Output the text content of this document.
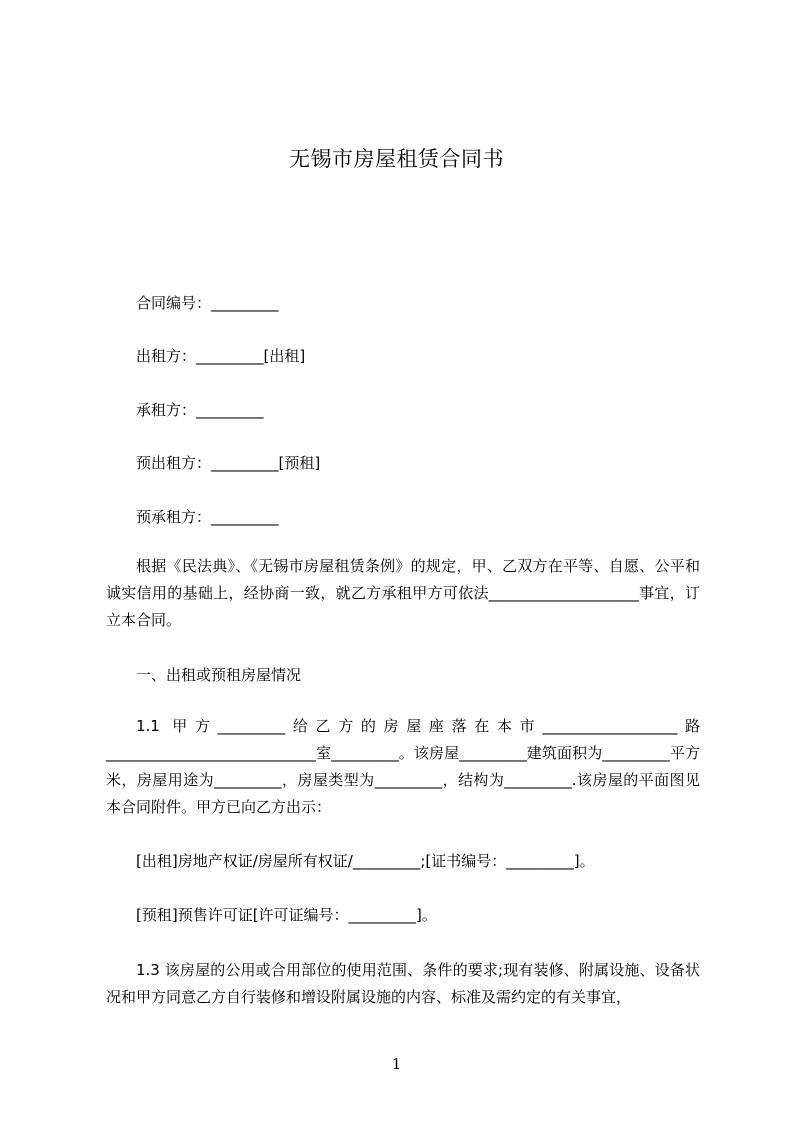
无锡市房屋租赁合同书
合同编号：_________
出租方：_________[出租]
承租方：_________
预出租方：_________[预租]
预承租方：_________
根据《民法典》、《无锡市房屋租赁条例》的规定，甲、乙双方在平等、自愿、公平和诚实信用的基础上，经协商一致，就乙方承租甲方可依法____________________事宜，订立本合同。
一、出租或预租房屋情况
1.1 甲方_________给乙方的房屋座落在本市__________________路____________________________室_________。该房屋_________建筑面积为_________平方米，房屋用途为_________，房屋类型为_________，结构为_________.该房屋的平面图见本合同附件。甲方已向乙方出示：
[出租]房地产权证/房屋所有权证/_________;[证书编号：_________]。
[预租]预售许可证[许可证编号：_________]。
1.3 该房屋的公用或合用部位的使用范围、条件的要求;现有装修、附属设施、设备状况和甲方同意乙方自行装修和增设附属设施的内容、标准及需约定的有关事宜，
1
